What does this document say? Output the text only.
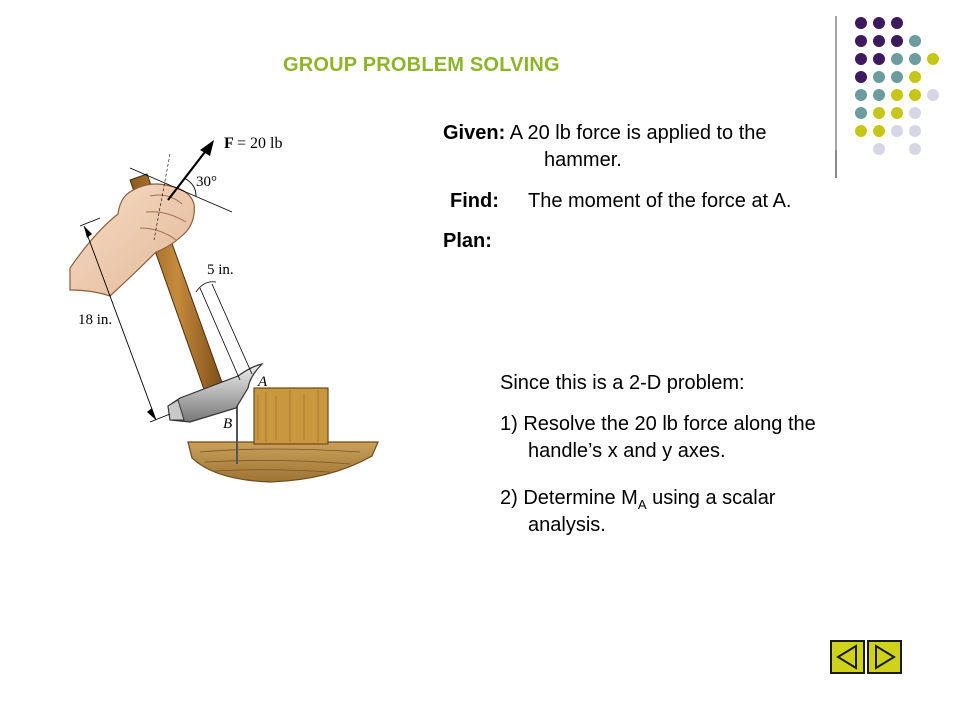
GROUP PROBLEM SOLVING
Given: A 20 lb force is applied to the
hammer.
Find: The moment of the force at A.
Plan:
Since this is a 2-D problem:
1) Resolve the 20 lb force along the
handle’s x and y axes.
2) Determine $M_A$ using a scalar
analysis.
30°
F = 20 lb
18 in.
5 in.
A
B
